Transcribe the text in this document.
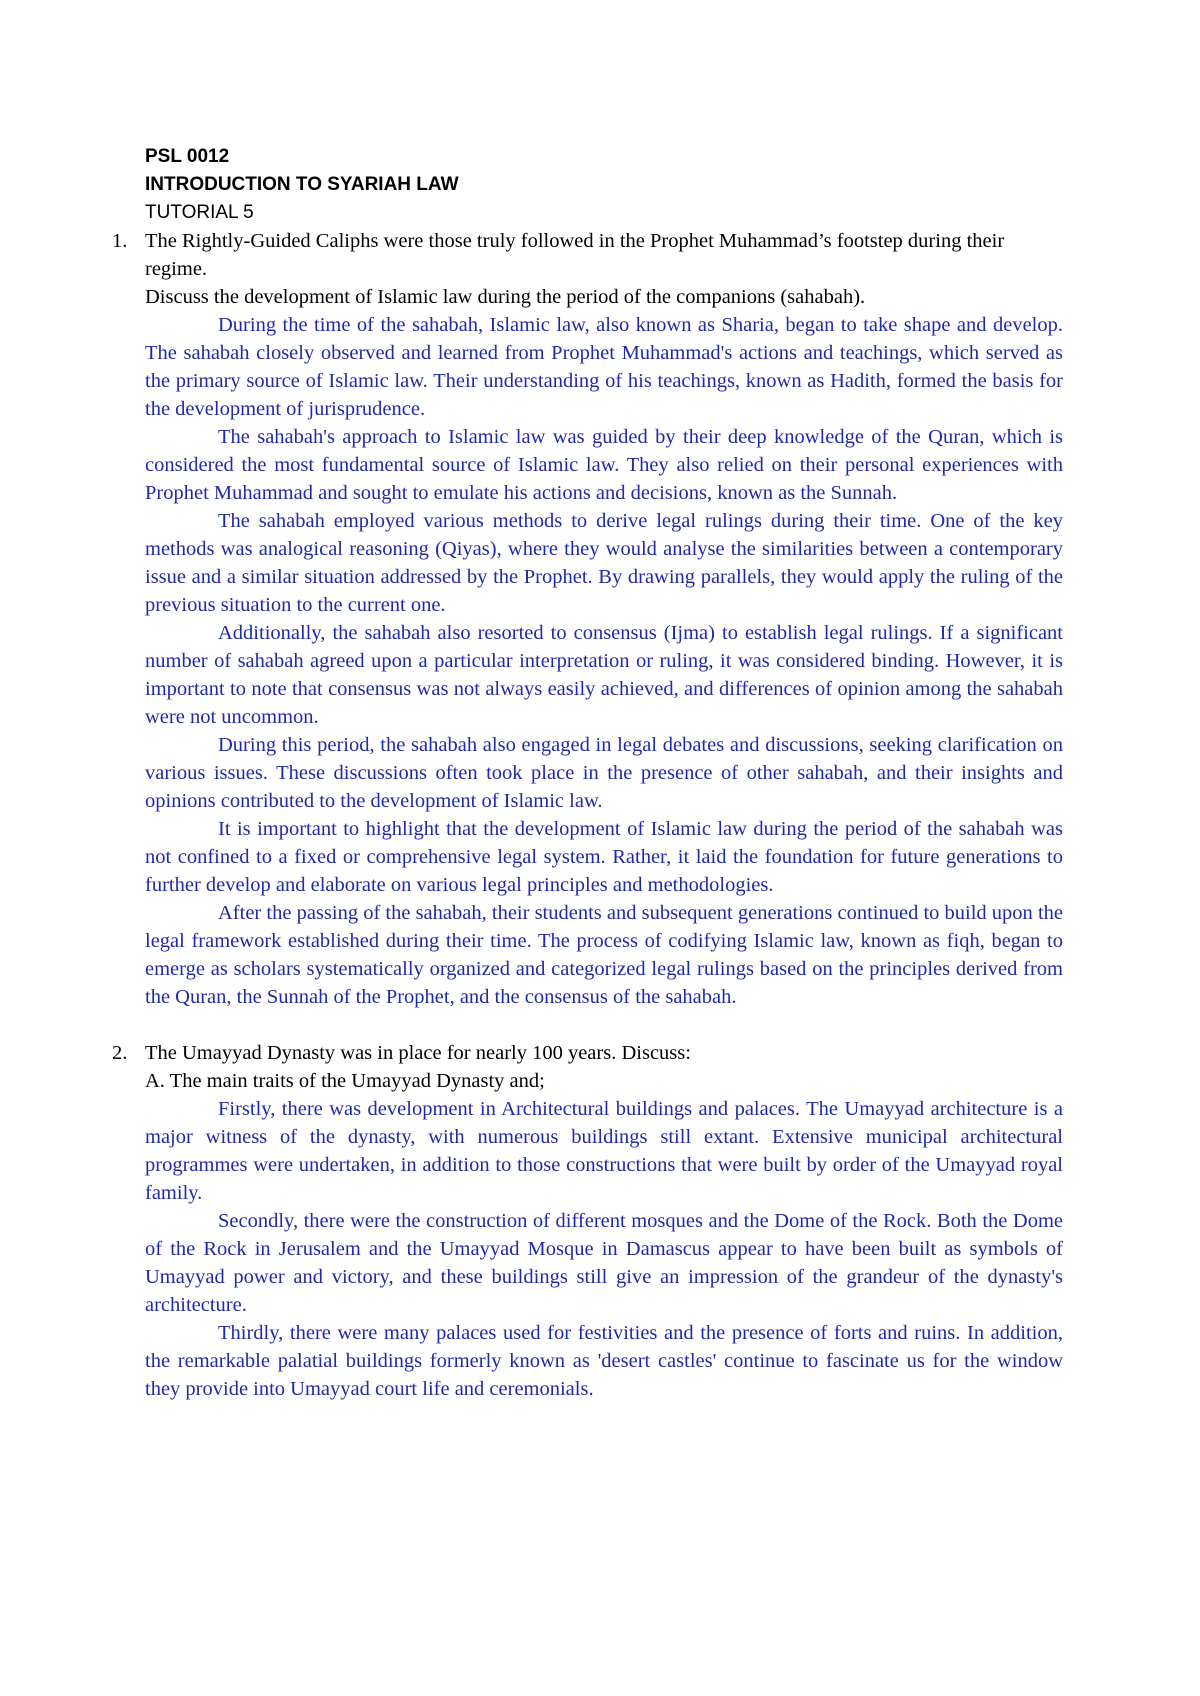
PSL 0012

INTRODUCTION TO SYARIAH LAW

TUTORIAL 5

1. The Rightly-Guided Caliphs were those truly followed in the Prophet Muhammad’s footstep during their regime.

Discuss the development of Islamic law during the period of the companions (sahabah).

During the time of the sahabah, Islamic law, also known as Sharia, began to take shape and develop. The sahabah closely observed and learned from Prophet Muhammad's actions and teachings, which served as the primary source of Islamic law. Their understanding of his teachings, known as Hadith, formed the basis for the development of jurisprudence.

The sahabah's approach to Islamic law was guided by their deep knowledge of the Quran, which is considered the most fundamental source of Islamic law. They also relied on their personal experiences with Prophet Muhammad and sought to emulate his actions and decisions, known as the Sunnah.

The sahabah employed various methods to derive legal rulings during their time. One of the key methods was analogical reasoning (Qiyas), where they would analyse the similarities between a contemporary issue and a similar situation addressed by the Prophet. By drawing parallels, they would apply the ruling of the previous situation to the current one.

Additionally, the sahabah also resorted to consensus (Ijma) to establish legal rulings. If a significant number of sahabah agreed upon a particular interpretation or ruling, it was considered binding. However, it is important to note that consensus was not always easily achieved, and differences of opinion among the sahabah were not uncommon.

During this period, the sahabah also engaged in legal debates and discussions, seeking clarification on various issues. These discussions often took place in the presence of other sahabah, and their insights and opinions contributed to the development of Islamic law.

It is important to highlight that the development of Islamic law during the period of the sahabah was not confined to a fixed or comprehensive legal system. Rather, it laid the foundation for future generations to further develop and elaborate on various legal principles and methodologies.

After the passing of the sahabah, their students and subsequent generations continued to build upon the legal framework established during their time. The process of codifying Islamic law, known as fiqh, began to emerge as scholars systematically organized and categorized legal rulings based on the principles derived from the Quran, the Sunnah of the Prophet, and the consensus of the sahabah.

2. The Umayyad Dynasty was in place for nearly 100 years. Discuss:

A. The main traits of the Umayyad Dynasty and;

Firstly, there was development in Architectural buildings and palaces. The Umayyad architecture is a major witness of the dynasty, with numerous buildings still extant. Extensive municipal architectural programmes were undertaken, in addition to those constructions that were built by order of the Umayyad royal family.

Secondly, there were the construction of different mosques and the Dome of the Rock. Both the Dome of the Rock in Jerusalem and the Umayyad Mosque in Damascus appear to have been built as symbols of Umayyad power and victory, and these buildings still give an impression of the grandeur of the dynasty's architecture.

Thirdly, there were many palaces used for festivities and the presence of forts and ruins. In addition, the remarkable palatial buildings formerly known as 'desert castles' continue to fascinate us for the window they provide into Umayyad court life and ceremonials.
